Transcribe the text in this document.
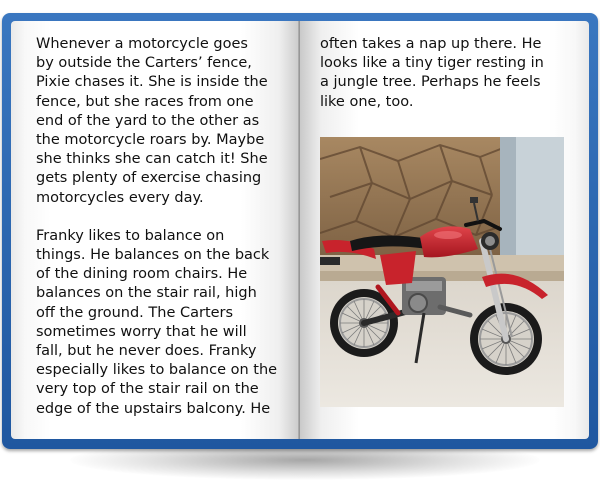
Whenever a motorcycle goes
by outside the Carters’ fence,
Pixie chases it. She is inside the
fence, but she races from one
end of the yard to the other as
the motorcycle roars by. Maybe
she thinks she can catch it! She
gets plenty of exercise chasing
motorcycles every day.

Franky likes to balance on
things. He balances on the back
of the dining room chairs. He
balances on the stair rail, high
off the ground. The Carters
sometimes worry that he will
fall, but he never does. Franky
especially likes to balance on the
very top of the stair rail on the
edge of the upstairs balcony. He

often takes a nap up there. He
looks like a tiny tiger resting in
a jungle tree. Perhaps he feels
like one, too.
